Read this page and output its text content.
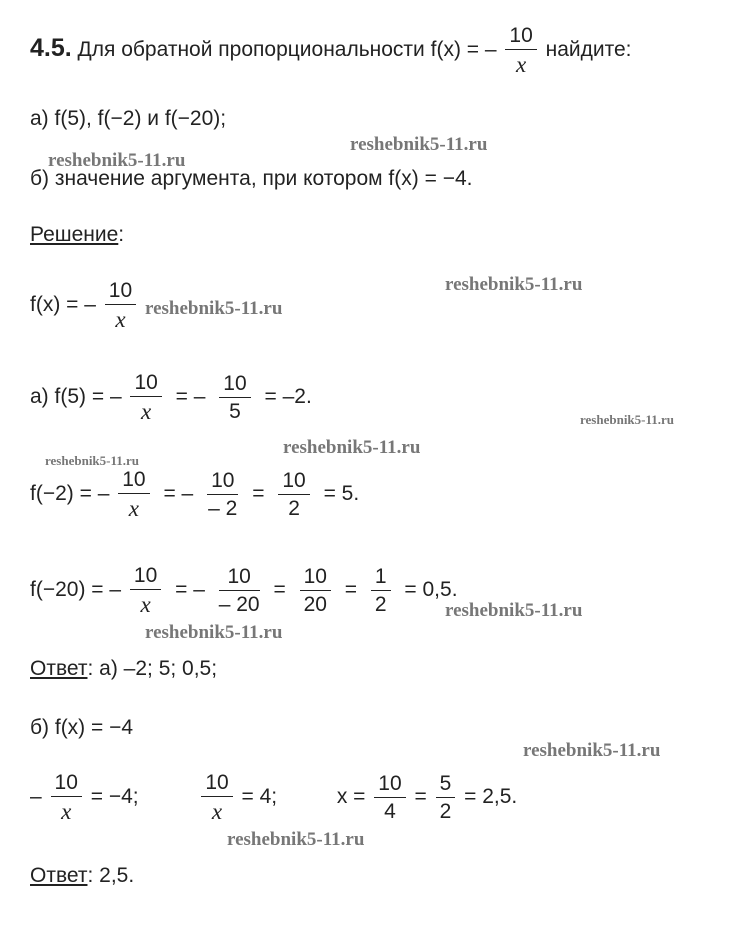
4.5. Для обратной пропорциональности f(x) = – $\frac{10}{x}$ найдите:
а) f(5), f(−2) и f(−20);
б) значение аргумента, при котором f(x) = −4.
Решение:
f(x) = – $\frac{10}{x}$
а) f(5) = – $\frac{10}{x}$ = – $\frac{10}{5} = -2$.
f(−2) = – $\frac{10}{x}$ = – $\frac{10}{- 2} = \frac{10}{2} = 5$.
f(−20) = – $\frac{10}{x}$ = – $\frac{10}{- 20} = \frac{10}{20} = \frac{1}{2} = 0,5$.
Ответ: а) –2; 5; 0,5;
б) f(x) = −4
– $\frac{10}{x} = -4$;	$\frac{10}{x} = 4$;	$x = \frac{10}{4} = \frac{5}{2} = 2,5$.
Ответ: 2,5.
reshebnik5-11.ru
reshebnik5-11.ru
reshebnik5-11.ru
reshebnik5-11.ru
reshebnik5-11.ru
reshebnik5-11.ru
reshebnik5-11.ru
reshebnik5-11.ru
reshebnik5-11.ru
reshebnik5-11.ru
reshebnik5-11.ru
